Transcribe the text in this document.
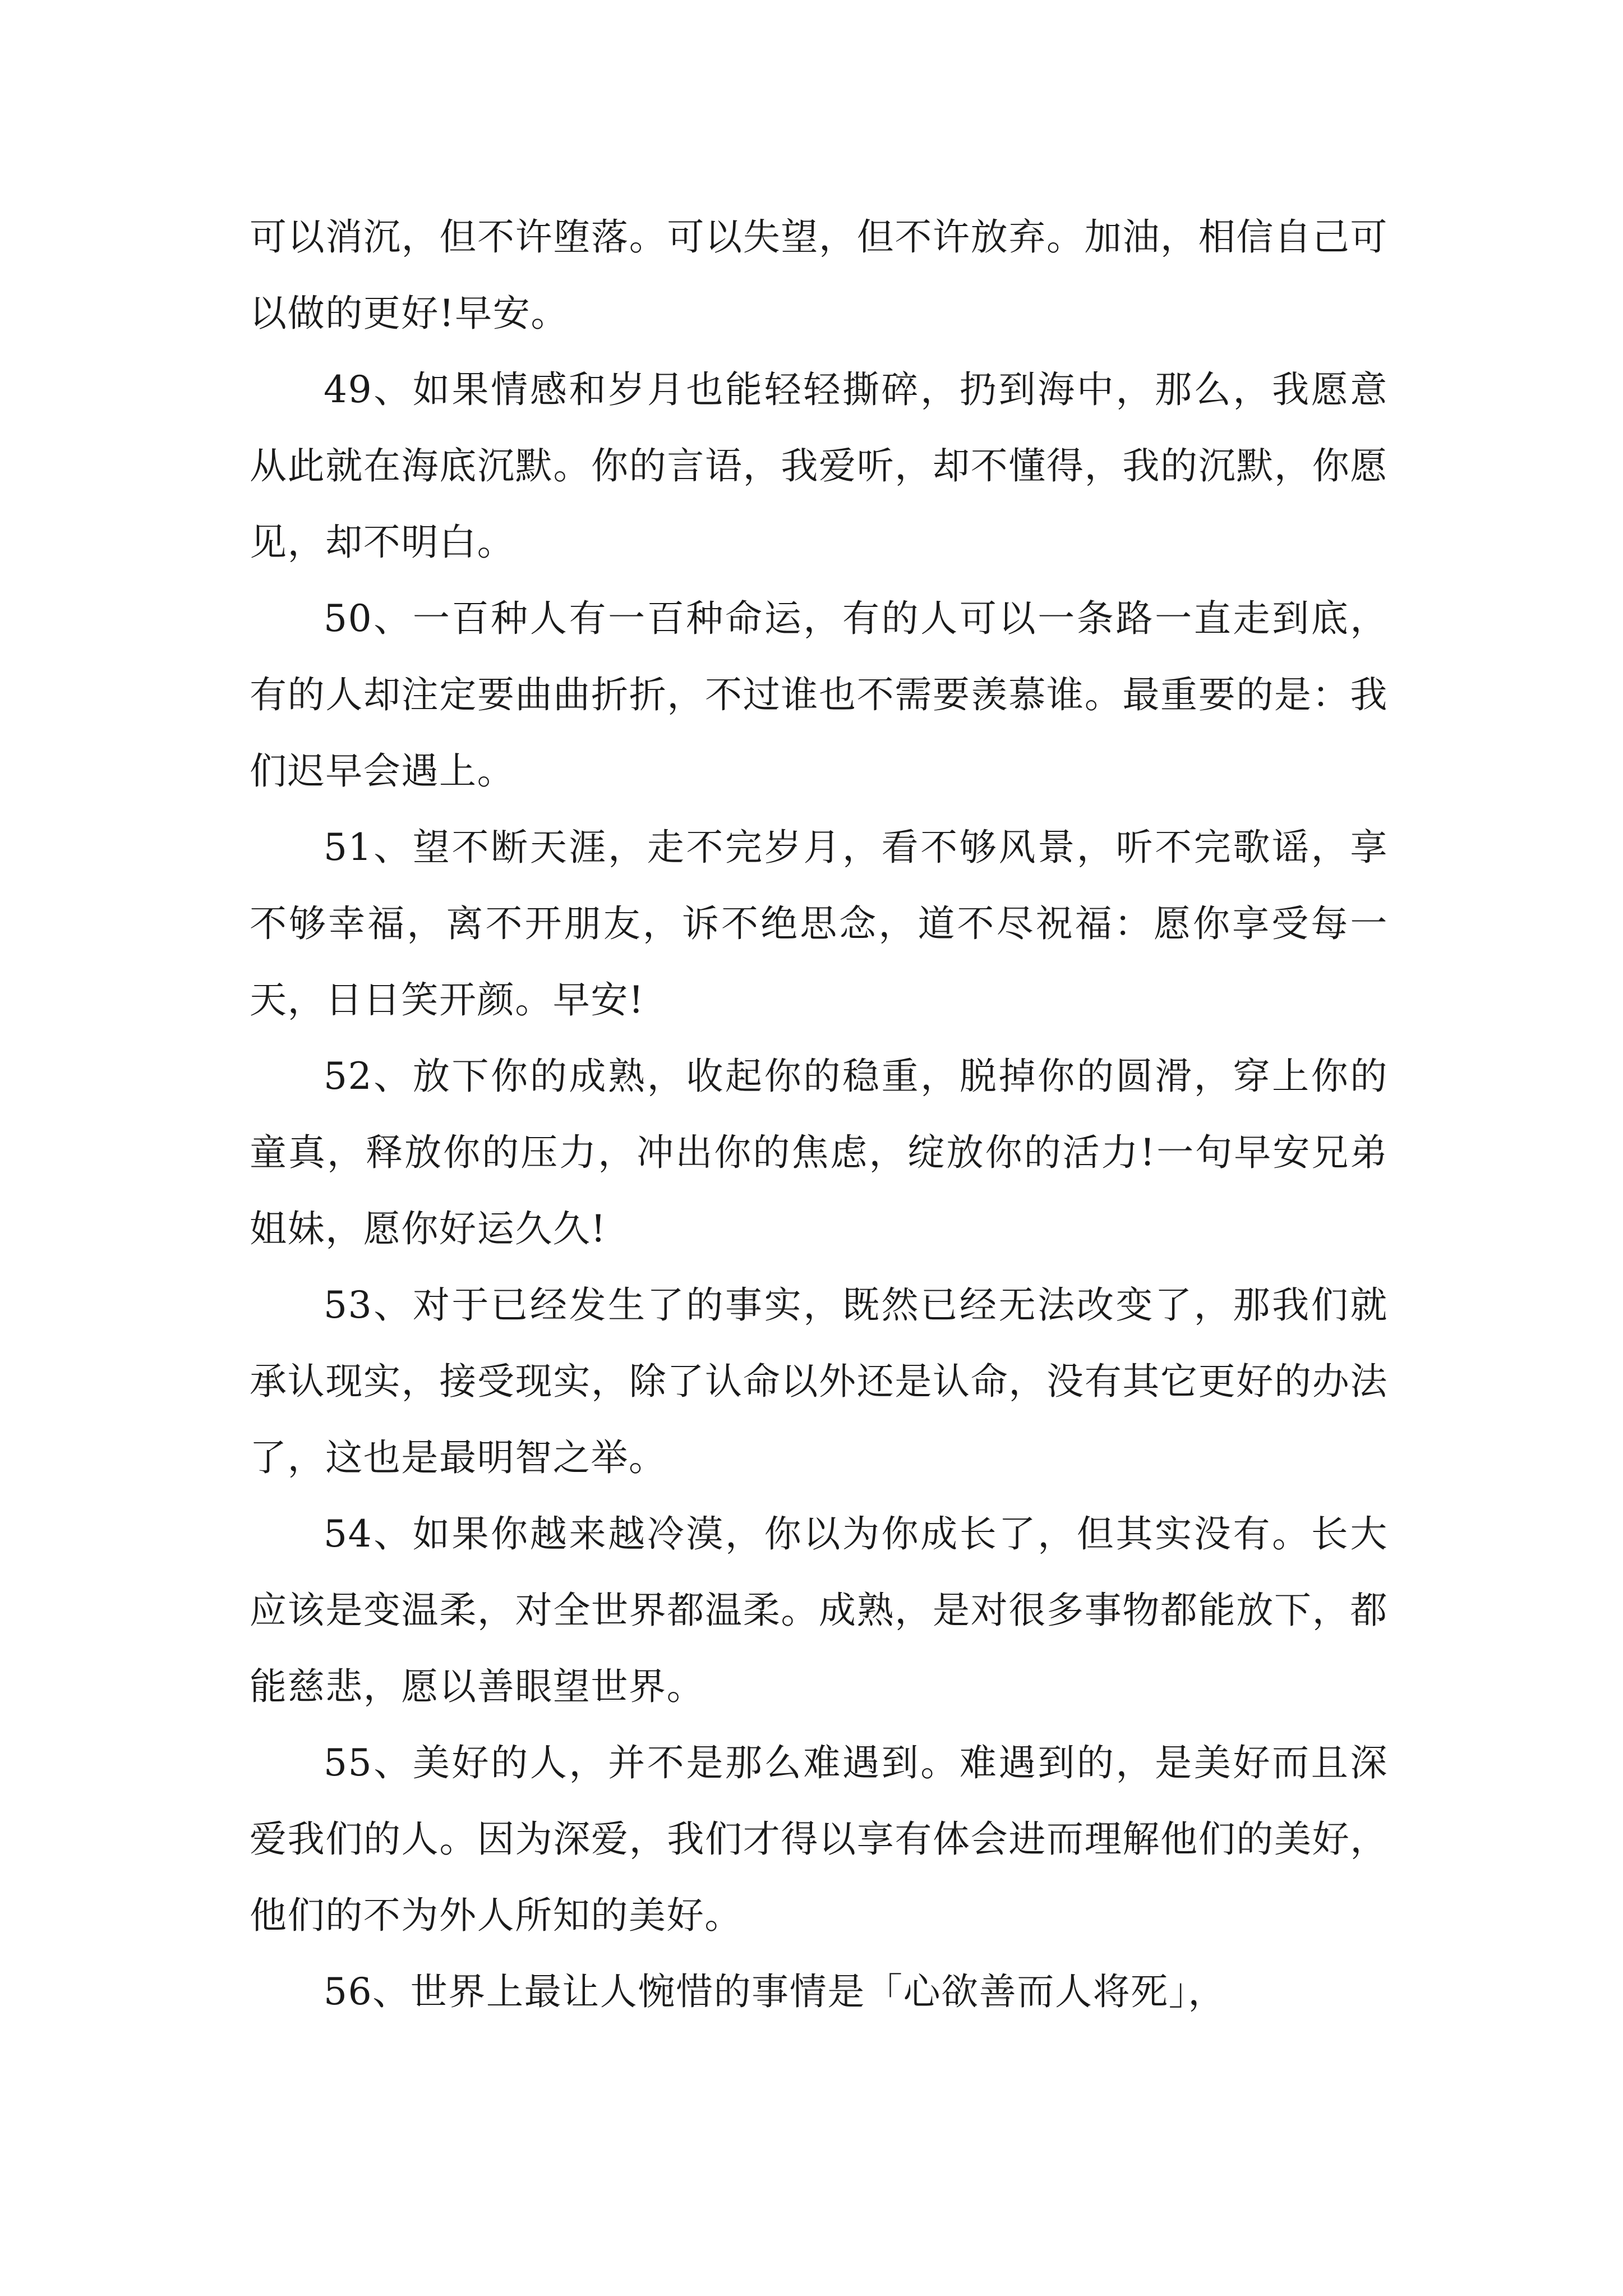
可以消沉，但不许堕落。可以失望，但不许放弃。加油，相信自己可以做的更好!早安。

49、如果情感和岁月也能轻轻撕碎，扔到海中，那么，我愿意从此就在海底沉默。你的言语，我爱听，却不懂得，我的沉默，你愿见，却不明白。

50、一百种人有一百种命运，有的人可以一条路一直走到底，有的人却注定要曲曲折折，不过谁也不需要羡慕谁。最重要的是：我们迟早会遇上。

51、望不断天涯，走不完岁月，看不够风景，听不完歌谣，享不够幸福，离不开朋友，诉不绝思念，道不尽祝福：愿你享受每一天，日日笑开颜。早安!

52、放下你的成熟，收起你的稳重，脱掉你的圆滑，穿上你的童真，释放你的压力，冲出你的焦虑，绽放你的活力!一句早安兄弟姐妹，愿你好运久久!

53、对于已经发生了的事实，既然已经无法改变了，那我们就承认现实，接受现实，除了认命以外还是认命，没有其它更好的办法了，这也是最明智之举。

54、如果你越来越冷漠，你以为你成长了，但其实没有。长大应该是变温柔，对全世界都温柔。成熟，是对很多事物都能放下，都能慈悲，愿以善眼望世界。

55、美好的人，并不是那么难遇到。难遇到的，是美好而且深爱我们的人。因为深爱，我们才得以享有体会进而理解他们的美好，他们的不为外人所知的美好。

56、世界上最让人惋惜的事情是「心欲善而人将死」，
